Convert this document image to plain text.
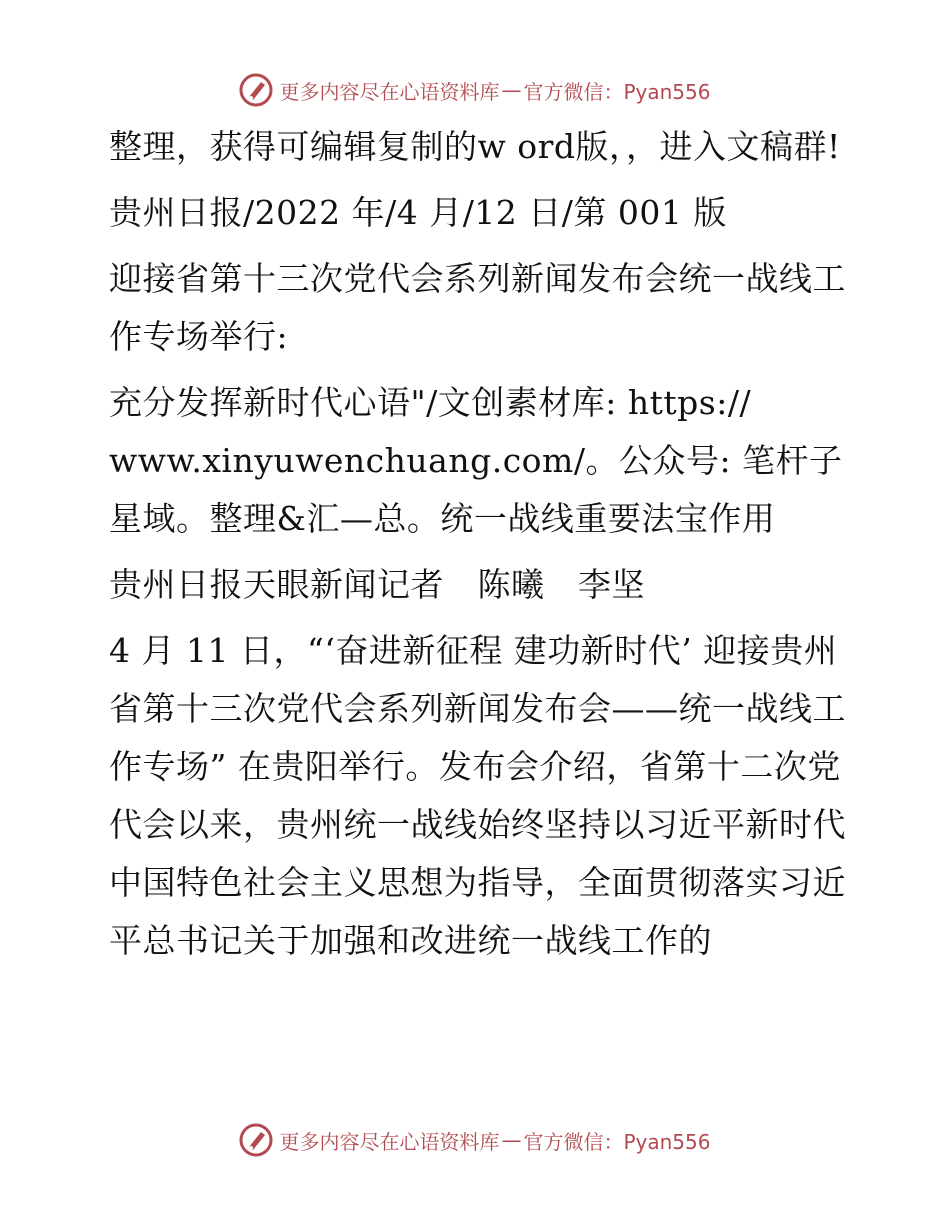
更多内容尽在心语资料库 — 官方微信：Pyan556

整理，获得可编辑复制的w ord版，，进入文稿群!

贵州日报/2022 年/4 月/12 日/第 001 版

迎接省第十三次党代会系列新闻发布会统一战线工作专场举行:

充分发挥新时代心语"/文创素材库: https:// www.xinyuwenchuang.com/。公众号: 笔杆子星域。整理&汇—总。统一战线重要法宝作用

贵州日报天眼新闻记者　陈曦　李坚

4 月 11 日，“‘奋进新征程 建功新时代’ 迎接贵州省第十三次党代会系列新闻发布会——统一战线工作专场” 在贵阳举行。发布会介绍，省第十二次党代会以来，贵州统一战线始终坚持以习近平新时代中国特色社会主义思想为指导，全面贯彻落实习近平总书记关于加强和改进统一战线工作的

更多内容尽在心语资料库 — 官方微信：Pyan556
